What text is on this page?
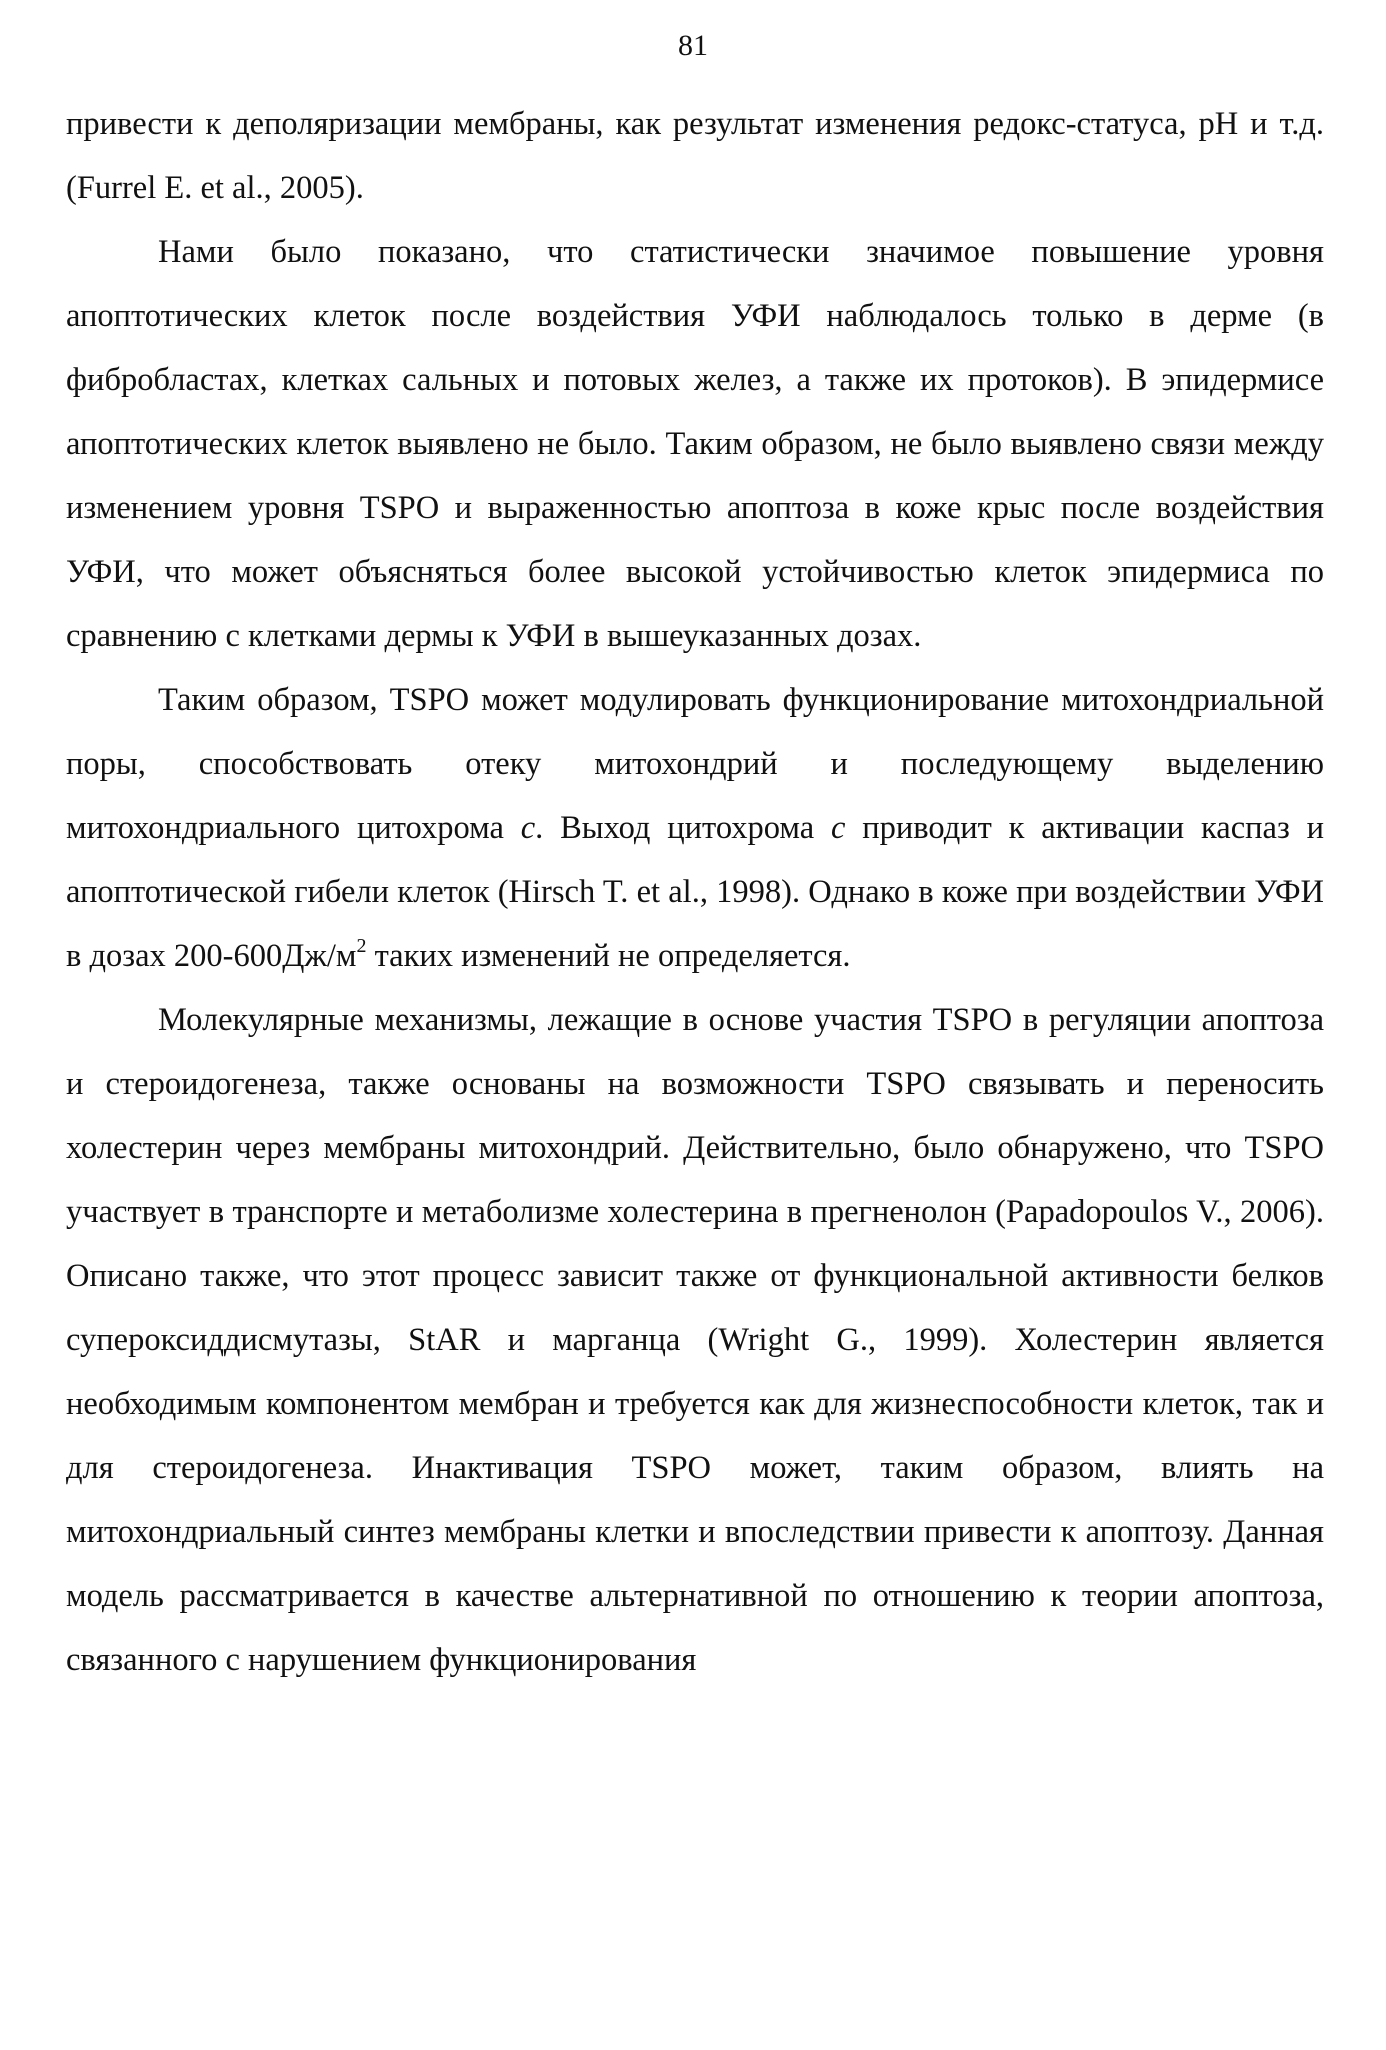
81

привести к деполяризации мембраны, как результат изменения редокс-статуса, pH и т.д. (Furrel E. et al., 2005).

Нами было показано, что статистически значимое повышение уровня апоптотических клеток после воздействия УФИ наблюдалось только в дерме (в фибробластах, клетках сальных и потовых желез, а также их протоков). В эпидермисе апоптотических клеток выявлено не было. Таким образом, не было выявлено связи между изменением уровня TSPO и выраженностью апоптоза в коже крыс после воздействия УФИ, что может объясняться более высокой устойчивостью клеток эпидермиса по сравнению с клетками дермы к УФИ в вышеуказанных дозах.

Таким образом, TSPO может модулировать функционирование митохондриальной поры, способствовать отеку митохондрий и последующему выделению митохондриального цитохрома с. Выход цитохрома с приводит к активации каспаз и апоптотической гибели клеток (Hirsch T. et al., 1998). Однако в коже при воздействии УФИ в дозах $200-600Дж/м^2$ таких изменений не определяется.

Молекулярные механизмы, лежащие в основе участия TSPO в регуляции апоптоза и стероидогенеза, также основаны на возможности TSPO связывать и переносить холестерин через мембраны митохондрий. Действительно, было обнаружено, что TSPO участвует в транспорте и метаболизме холестерина в прегненолон (Papadopoulos V., 2006). Описано также, что этот процесс зависит также от функциональной активности белков супероксиддисмутазы, StAR и марганца (Wright G., 1999). Холестерин является необходимым компонентом мембран и требуется как для жизнеспособности клеток, так и для стероидогенеза. Инактивация TSPO может, таким образом, влиять на митохондриальный синтез мембраны клетки и впоследствии привести к апоптозу. Данная модель рассматривается в качестве альтернативной по отношению к теории апоптоза, связанного с нарушением функционирования
